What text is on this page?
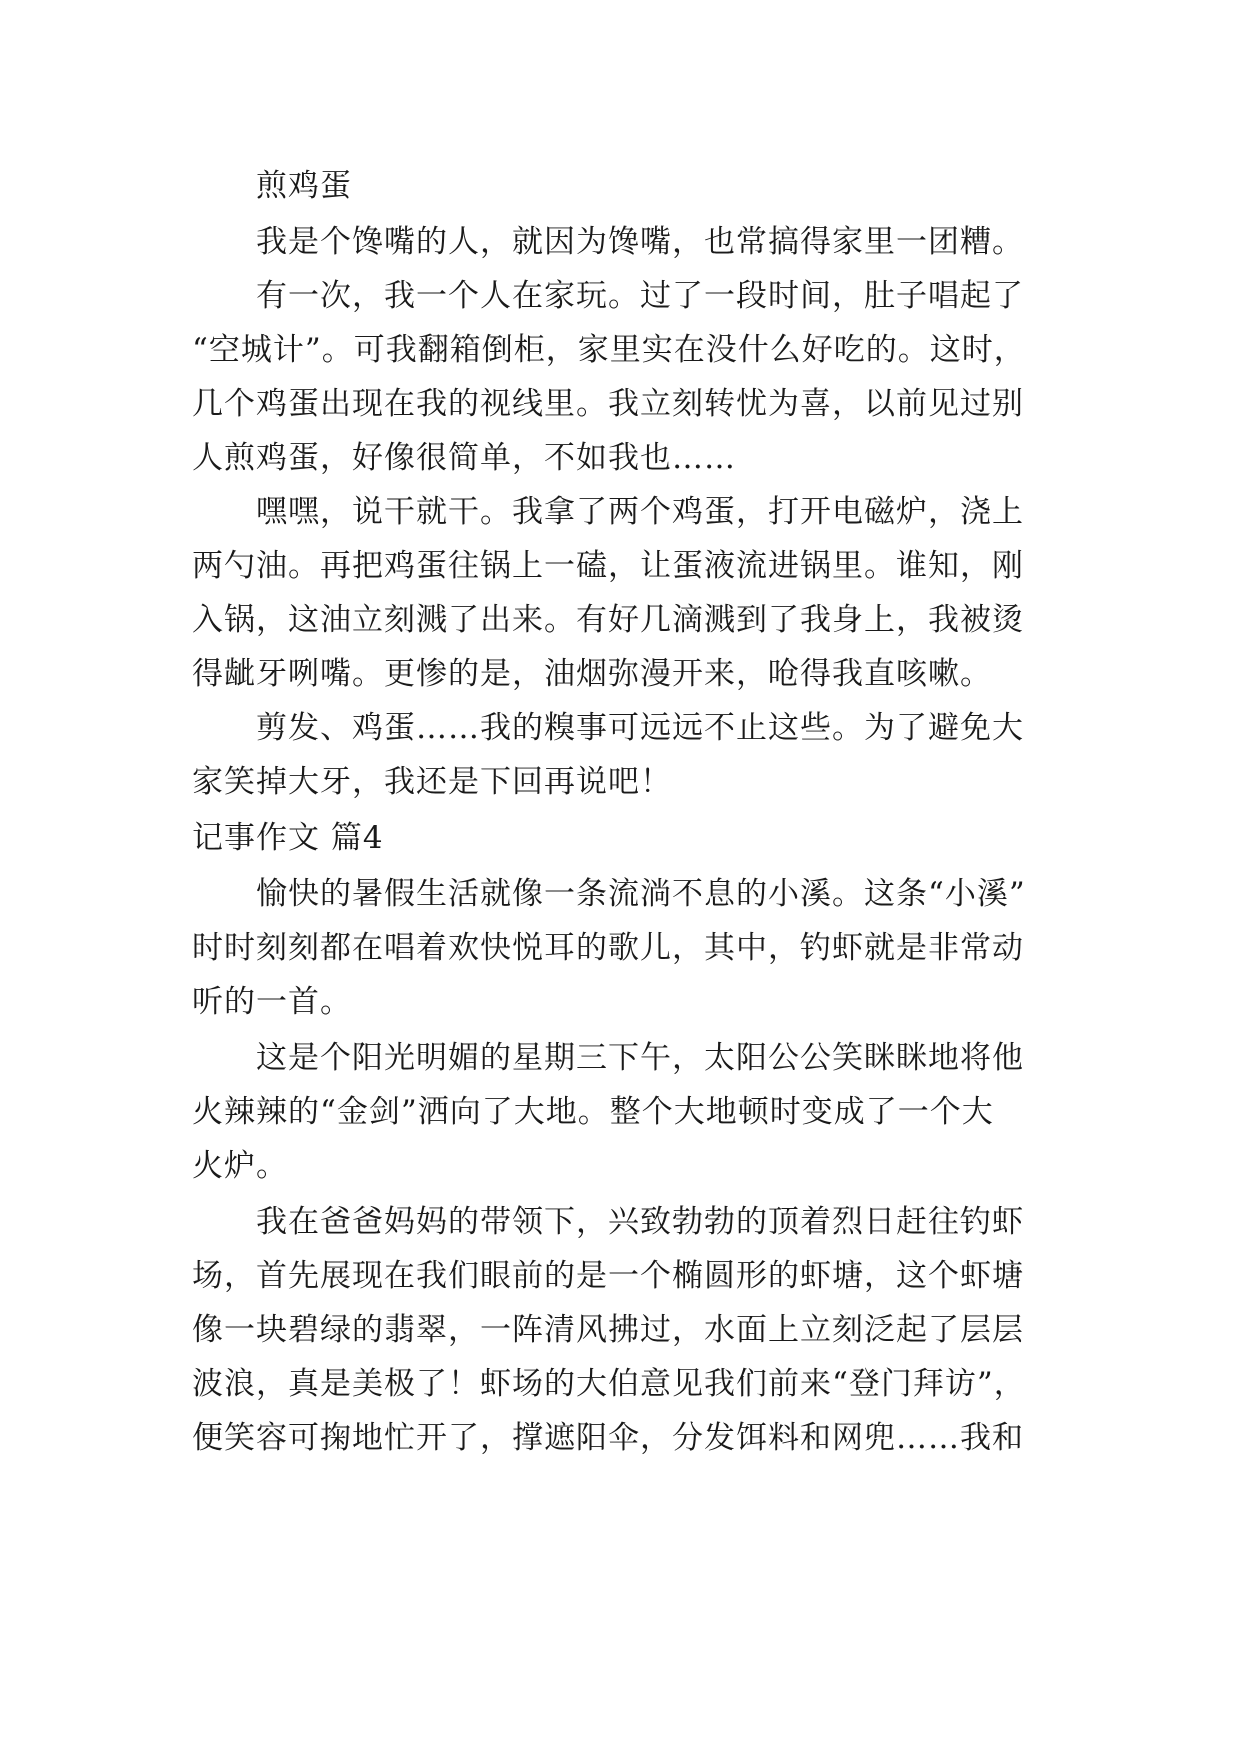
煎鸡蛋
我是个馋嘴的人，就因为馋嘴，也常搞得家里一团糟。
有一次，我一个人在家玩。过了一段时间，肚子唱起了
“空城计”。可我翻箱倒柜，家里实在没什么好吃的。这时，
几个鸡蛋出现在我的视线里。我立刻转忧为喜，以前见过别
人煎鸡蛋，好像很简单，不如我也……
嘿嘿，说干就干。我拿了两个鸡蛋，打开电磁炉，浇上
两勺油。再把鸡蛋往锅上一磕，让蛋液流进锅里。谁知，刚
入锅，这油立刻溅了出来。有好几滴溅到了我身上，我被烫
得龇牙咧嘴。更惨的是，油烟弥漫开来，呛得我直咳嗽。
剪发、鸡蛋……我的糗事可远远不止这些。为了避免大
家笑掉大牙，我还是下回再说吧！
记事作文 篇4
愉快的暑假生活就像一条流淌不息的小溪。这条“小溪”
时时刻刻都在唱着欢快悦耳的歌儿，其中，钓虾就是非常动
听的一首。
这是个阳光明媚的星期三下午，太阳公公笑眯眯地将他
火辣辣的“金剑”洒向了大地。整个大地顿时变成了一个大
火炉。
我在爸爸妈妈的带领下，兴致勃勃的顶着烈日赶往钓虾
场，首先展现在我们眼前的是一个椭圆形的虾塘，这个虾塘
像一块碧绿的翡翠，一阵清风拂过，水面上立刻泛起了层层
波浪，真是美极了！虾场的大伯意见我们前来“登门拜访”，
便笑容可掬地忙开了，撑遮阳伞，分发饵料和网兜……我和
